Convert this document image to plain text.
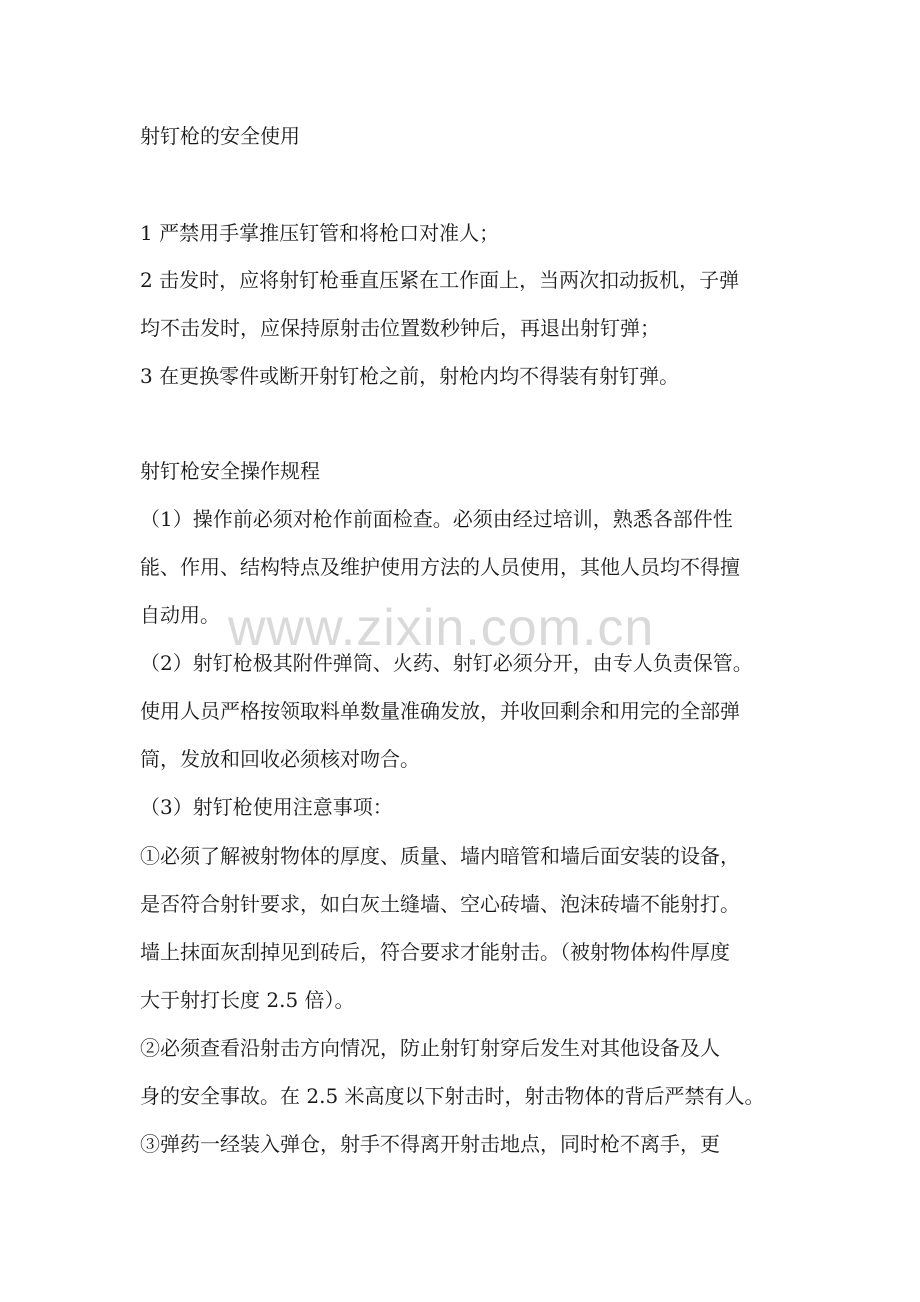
射钉枪的安全使用
1 严禁用手掌推压钉管和将枪口对准人；
2 击发时，应将射钉枪垂直压紧在工作面上，当两次扣动扳机，子弹
均不击发时，应保持原射击位置数秒钟后，再退出射钉弹；
3 在更换零件或断开射钉枪之前，射枪内均不得装有射钉弹。
射钉枪安全操作规程
（1）操作前必须对枪作前面检查。必须由经过培训，熟悉各部件性
能、作用、结构特点及维护使用方法的人员使用，其他人员均不得擅
自动用。
（2）射钉枪极其附件弹筒、火药、射钉必须分开，由专人负责保管。
使用人员严格按领取料单数量准确发放，并收回剩余和用完的全部弹
筒，发放和回收必须核对吻合。
（3）射钉枪使用注意事项：
①必须了解被射物体的厚度、质量、墙内暗管和墙后面安装的设备，
是否符合射针要求，如白灰土缝墙、空心砖墙、泡沫砖墙不能射打。
墙上抹面灰刮掉见到砖后，符合要求才能射击。（被射物体构件厚度
大于射打长度 2.5 倍）。
②必须查看沿射击方向情况，防止射钉射穿后发生对其他设备及人
身的安全事故。在 2.5 米高度以下射击时，射击物体的背后严禁有人。
③弹药一经装入弹仓，射手不得离开射击地点，同时枪不离手，更
www.zixin.com.cn
